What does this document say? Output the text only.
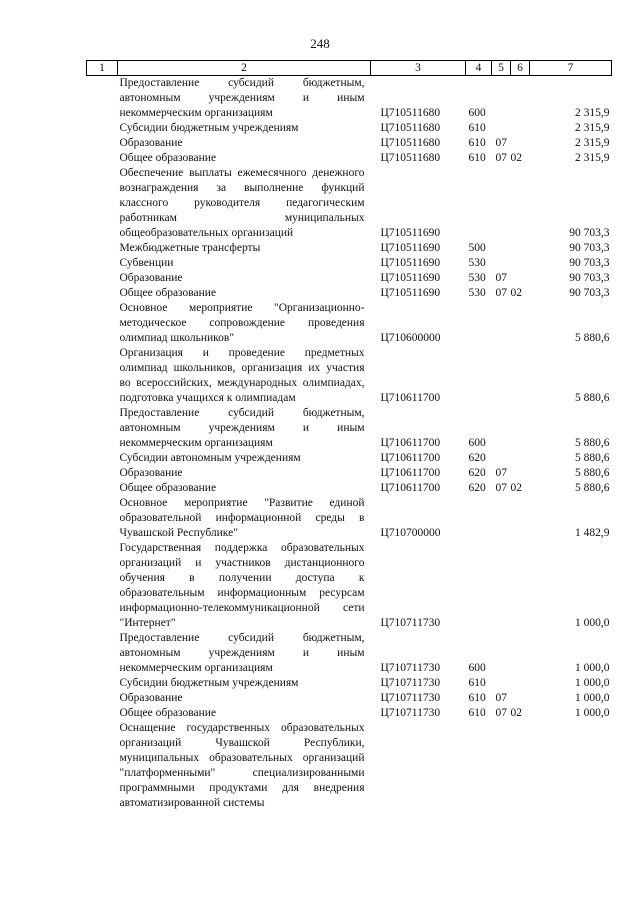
248
1	2	3	4	5	6	7
	Предоставление субсидий бюджетным, автономным учреждениям и иным некоммерческим организациям	Ц710511680	600			2 315,9
	Субсидии бюджетным учреждениям	Ц710511680	610			2 315,9
	Образование	Ц710511680	610	07		2 315,9
	Общее образование	Ц710511680	610	07	02	2 315,9
	Обеспечение выплаты ежемесячного денежного вознаграждения за выполнение функций классного руководителя педагогическим работникам муниципальных общеобразовательных организаций	Ц710511690				90 703,3
	Межбюджетные трансферты	Ц710511690	500			90 703,3
	Субвенции	Ц710511690	530			90 703,3
	Образование	Ц710511690	530	07		90 703,3
	Общее образование	Ц710511690	530	07	02	90 703,3
	Основное мероприятие "Организационно-методическое сопровождение проведения олимпиад школьников"	Ц710600000				5 880,6
	Организация и проведение предметных олимпиад школьников, организация их участия во всероссийских, международных олимпиадах, подготовка учащихся к олимпиадам	Ц710611700				5 880,6
	Предоставление субсидий бюджетным, автономным учреждениям и иным некоммерческим организациям	Ц710611700	600			5 880,6
	Субсидии автономным учреждениям	Ц710611700	620			5 880,6
	Образование	Ц710611700	620	07		5 880,6
	Общее образование	Ц710611700	620	07	02	5 880,6
	Основное мероприятие "Развитие единой образовательной информационной среды в Чувашской Республике"	Ц710700000				1 482,9
	Государственная поддержка образовательных организаций и участников дистанционного обучения в получении доступа к образовательным информационным ресурсам информационно-телекоммуникационной сети "Интернет"	Ц710711730				1 000,0
	Предоставление субсидий бюджетным, автономным учреждениям и иным некоммерческим организациям	Ц710711730	600			1 000,0
	Субсидии бюджетным учреждениям	Ц710711730	610			1 000,0
	Образование	Ц710711730	610	07		1 000,0
	Общее образование	Ц710711730	610	07	02	1 000,0
	Оснащение государственных образовательных организаций Чувашской Республики, муниципальных образовательных организаций "платформенными" специализированными программными продуктами для внедрения автоматизированной системы					
